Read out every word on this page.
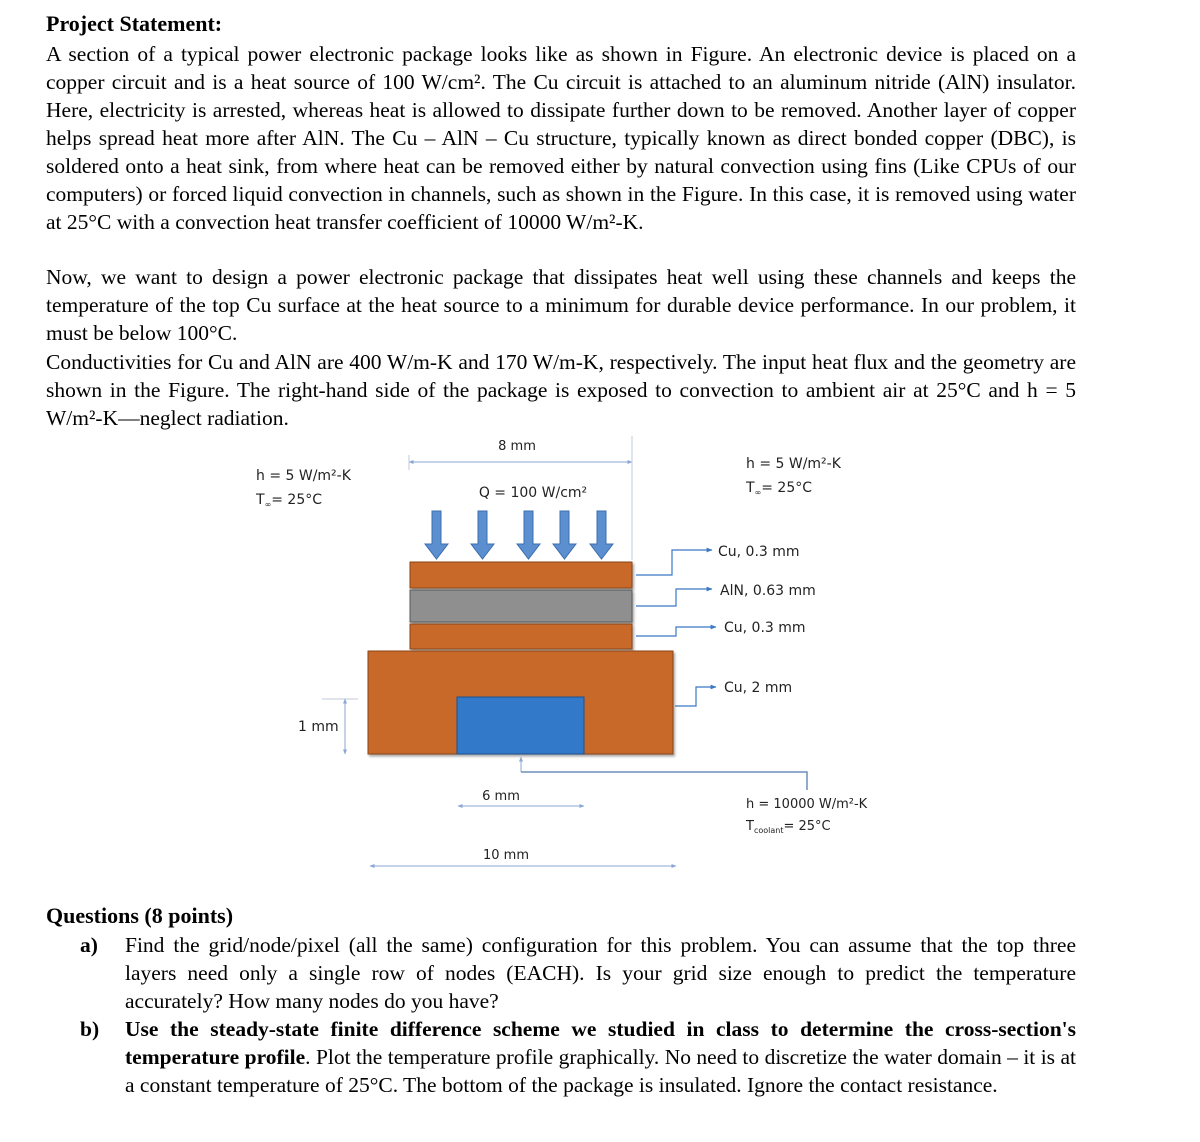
Project Statement:

A section of a typical power electronic package looks like as shown in Figure. An electronic device is placed on a copper circuit and is a heat source of 100 W/cm². The Cu circuit is attached to an aluminum nitride (AlN) insulator. Here, electricity is arrested, whereas heat is allowed to dissipate further down to be removed. Another layer of copper helps spread heat more after AlN. The Cu – AlN – Cu structure, typically known as direct bonded copper (DBC), is soldered onto a heat sink, from where heat can be removed either by natural convection using fins (Like CPUs of our computers) or forced liquid convection in channels, such as shown in the Figure. In this case, it is removed using water at 25°C with a convection heat transfer coefficient of 10000 W/m²-K.

Now, we want to design a power electronic package that dissipates heat well using these channels and keeps the temperature of the top Cu surface at the heat source to a minimum for durable device performance. In our problem, it must be below 100°C.

Conductivities for Cu and AlN are 400 W/m-K and 170 W/m-K, respectively. The input heat flux and the geometry are shown in the Figure. The right-hand side of the package is exposed to convection to ambient air at 25°C and h = 5 W/m²-K—neglect radiation.

8 mm
h = 5 W/m²-K
$T_\infty= 25^\circ C$	Q = 100 W/cm²
h = 5 W/m²-K
$T_\infty= 25^\circ C$
Cu, 0.3 mm
AlN, 0.63 mm
Cu, 0.3 mm
Cu, 2 mm
1 mm
h = 10000 W/m²-K
$T_{coolant}= 25^\circ C$
6 mm
10 mm

Questions (8 points)

a) Find the grid/node/pixel (all the same) configuration for this problem. You can assume that the top three layers need only a single row of nodes (EACH). Is your grid size enough to predict the temperature accurately? How many nodes do you have?
b) Use the steady-state finite difference scheme we studied in class to determine the cross-section's temperature profile. Plot the temperature profile graphically. No need to discretize the water domain – it is at a constant temperature of 25°C. The bottom of the package is insulated. Ignore the contact resistance.
